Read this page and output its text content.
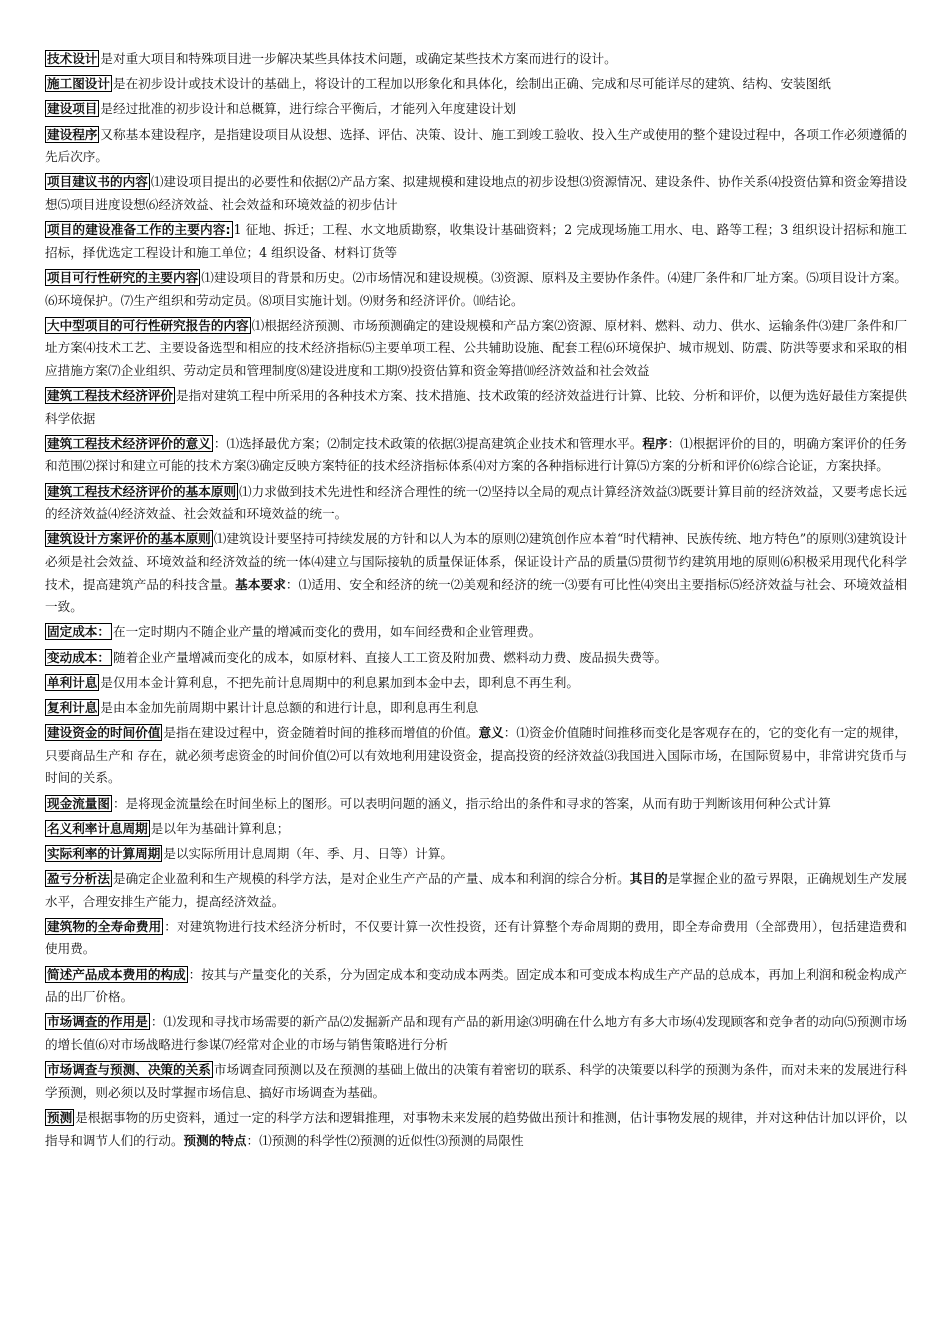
技术设计 是对重大项目和特殊项目进一步解决某些具体技术问题，或确定某些技术方案而进行的设计。

施工图设计 是在初步设计或技术设计的基础上，将设计的工程加以形象化和具体化，绘制出正确、完成和尽可能详尽的建筑、结构、安装图纸

建设项目 是经过批准的初步设计和总概算，进行综合平衡后，才能列入年度建设计划

建设程序 又称基本建设程序，是指建设项目从设想、选择、评估、决策、设计、施工到竣工验收、投入生产或使用的整个建设过程中，各项工作必须遵循的先后次序。

项目建议书的内容 ⑴建设项目提出的必要性和依据⑵产品方案、拟建规模和建设地点的初步设想⑶资源情况、建设条件、协作关系⑷投资估算和资金筹措设想⑸项目进度设想⑹经济效益、社会效益和环境效益的初步估计

项目的建设准备工作的主要内容: 1 征地、拆迁；工程、水文地质勘察，收集设计基础资料；2 完成现场施工用水、电、路等工程；3 组织设计招标和施工招标，择优选定工程设计和施工单位；4 组织设备、材料订货等

项目可行性研究的主要内容 ⑴建设项目的背景和历史。⑵市场情况和建设规模。⑶资源、原料及主要协作条件。⑷建厂条件和厂址方案。⑸项目设计方案。⑹环境保护。⑺生产组织和劳动定员。⑻项目实施计划。⑼财务和经济评价。⑽结论。

大中型项目的可行性研究报告的内容 ⑴根据经济预测、市场预测确定的建设规模和产品方案⑵资源、原材料、燃料、动力、供水、运输条件⑶建厂条件和厂址方案⑷技术工艺、主要设备选型和相应的技术经济指标⑸主要单项工程、公共辅助设施、配套工程⑹环境保护、城市规划、防震、防洪等要求和采取的相应措施方案⑺企业组织、劳动定员和管理制度⑻建设进度和工期⑼投资估算和资金筹措⑽经济效益和社会效益

建筑工程技术经济评价 是指对建筑工程中所采用的各种技术方案、技术措施、技术政策的经济效益进行计算、比较、分析和评价，以便为选好最佳方案提供科学依据

建筑工程技术经济评价的意义 ：⑴选择最优方案；⑵制定技术政策的依据⑶提高建筑企业技术和管理水平。程序：⑴根据评价的目的，明确方案评价的任务和范围⑵探讨和建立可能的技术方案⑶确定反映方案特征的技术经济指标体系⑷对方案的各种指标进行计算⑸方案的分析和评价⑹综合论证，方案抉择。

建筑工程技术经济评价的基本原则 ⑴力求做到技术先进性和经济合理性的统一⑵坚持以全局的观点计算经济效益⑶既要计算目前的经济效益，又要考虑长远的经济效益⑷经济效益、社会效益和环境效益的统一。

建筑设计方案评价的基本原则 ⑴建筑设计要坚持可持续发展的方针和以人为本的原则⑵建筑创作应本着“时代精神、民族传统、地方特色”的原则⑶建筑设计必须是社会效益、环境效益和经济效益的统一体⑷建立与国际接轨的质量保证体系，保证设计产品的质量⑸贯彻节约建筑用地的原则⑹积极采用现代化科学技术，提高建筑产品的科技含量。基本要求：⑴适用、安全和经济的统一⑵美观和经济的统一⑶要有可比性⑷突出主要指标⑸经济效益与社会、环境效益相一致。

固定成本： 在一定时期内不随企业产量的增减而变化的费用，如车间经费和企业管理费。

变动成本： 随着企业产量增减而变化的成本，如原材料、直接人工工资及附加费、燃料动力费、废品损失费等。

单利计息 是仅用本金计算利息，不把先前计息周期中的利息累加到本金中去，即利息不再生利。

复利计息 是由本金加先前周期中累计计息总额的和进行计息，即利息再生利息

建设资金的时间价值 是指在建设过程中，资金随着时间的推移而增值的价值。意义：⑴资金价值随时间推移而变化是客观存在的，它的变化有一定的规律，只要商品生产和 存在，就必须考虑资金的时间价值⑵可以有效地利用建设资金，提高投资的经济效益⑶我国进入国际市场，在国际贸易中，非常讲究货币与时间的关系。

现金流量图 ：是将现金流量绘在时间坐标上的图形。可以表明问题的涵义，指示给出的条件和寻求的答案，从而有助于判断该用何种公式计算

名义利率计息周期 是以年为基础计算利息；

实际利率的计算周期 是以实际所用计息周期（年、季、月、日等）计算。

盈亏分析法 是确定企业盈利和生产规模的科学方法，是对企业生产产品的产量、成本和利润的综合分析。其目的是掌握企业的盈亏界限，正确规划生产发展水平，合理安排生产能力，提高经济效益。

建筑物的全寿命费用 ：对建筑物进行技术经济分析时，不仅要计算一次性投资，还有计算整个寿命周期的费用，即全寿命费用（全部费用），包括建造费和使用费。

简述产品成本费用的构成 ：按其与产量变化的关系，分为固定成本和变动成本两类。固定成本和可变成本构成生产产品的总成本，再加上利润和税金构成产品的出厂价格。

市场调查的作用是 ：⑴发现和寻找市场需要的新产品⑵发掘新产品和现有产品的新用途⑶明确在什么地方有多大市场⑷发现顾客和竞争者的动向⑸预测市场的增长值⑹对市场战略进行参谋⑺经常对企业的市场与销售策略进行分析

市场调查与预测、决策的关系 市场调查同预测以及在预测的基础上做出的决策有着密切的联系、科学的决策要以科学的预测为条件，而对未来的发展进行科学预测，则必须以及时掌握市场信息、搞好市场调查为基础。

预测 是根据事物的历史资料，通过一定的科学方法和逻辑推理，对事物未来发展的趋势做出预计和推测，估计事物发展的规律，并对这种估计加以评价，以指导和调节人们的行动。预测的特点：⑴预测的科学性⑵预测的近似性⑶预测的局限性
